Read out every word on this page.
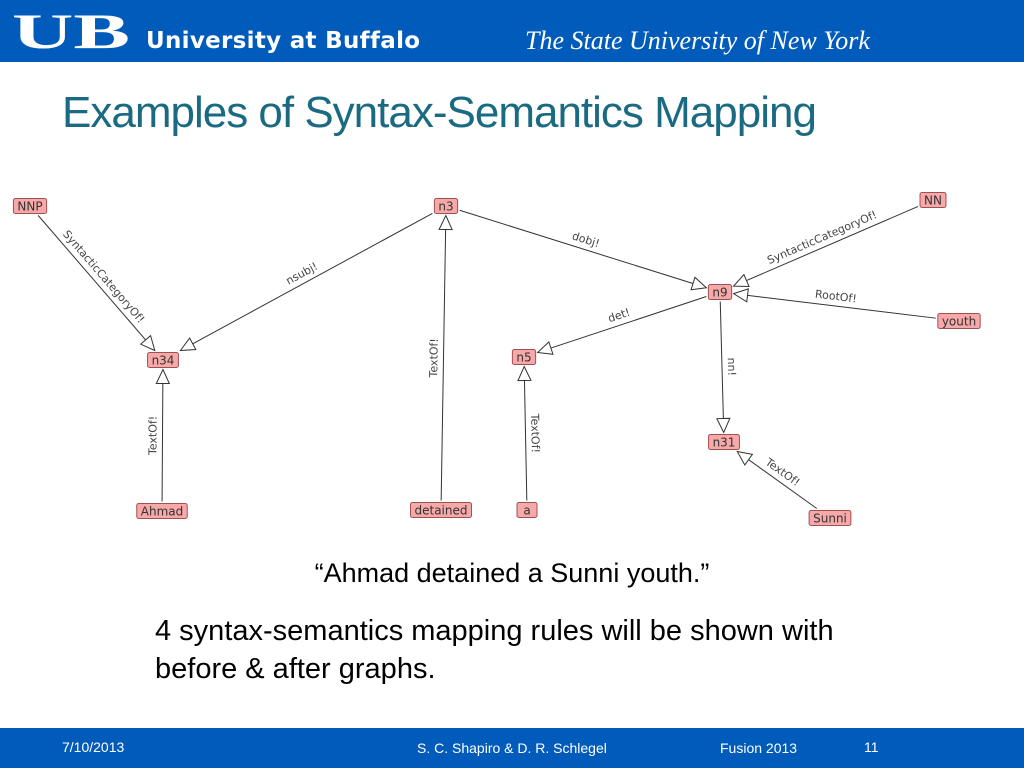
UB University at Buffalo	The State University of New York
Examples of Syntax-Semantics Mapping
nsubj!
dobj!
SyntacticCategoryOf!
TextOf!
TextOf!
det!
TextOf!
SyntacticCategoryOf!
RootOf!
nn!
TextOf!
NNP	n3	NN
n9
youth
n5
n34
n31
Ahmad	detained	a
Sunni
“Ahmad detained a Sunni youth.”
4 syntax-semantics mapping rules will be shown with before & after graphs.
7/10/2013	S. C. Shapiro & D. R. Schlegel	Fusion 2013	11
